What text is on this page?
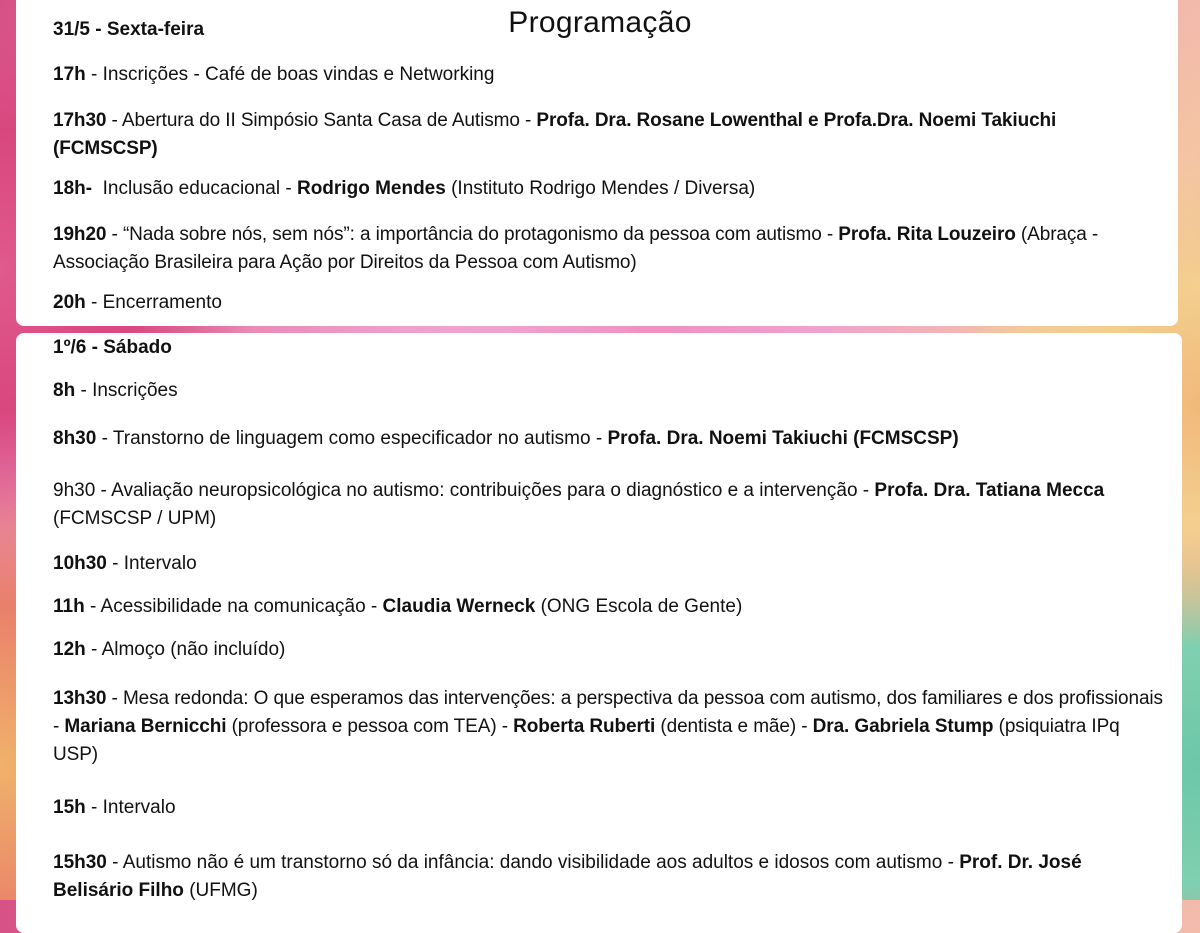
Programação
31/5 - Sexta-feira
17h - Inscrições - Café de boas vindas e Networking
17h30 - Abertura do II Simpósio Santa Casa de Autismo - Profa. Dra. Rosane Lowenthal e Profa.Dra. Noemi Takiuchi (FCMSCSP)
18h-  Inclusão educacional - Rodrigo Mendes (Instituto Rodrigo Mendes / Diversa)
19h20 - “Nada sobre nós, sem nós”: a importância do protagonismo da pessoa com autismo - Profa. Rita Louzeiro (Abraça - Associação Brasileira para Ação por Direitos da Pessoa com Autismo)
20h - Encerramento
1º/6 - Sábado
8h - Inscrições
8h30 - Transtorno de linguagem como especificador no autismo - Profa. Dra. Noemi Takiuchi (FCMSCSP)
9h30 - Avaliação neuropsicológica no autismo: contribuições para o diagnóstico e a intervenção - Profa. Dra. Tatiana Mecca (FCMSCSP / UPM)
10h30 - Intervalo
11h - Acessibilidade na comunicação - Claudia Werneck (ONG Escola de Gente)
12h - Almoço (não incluído)
13h30 - Mesa redonda: O que esperamos das intervenções: a perspectiva da pessoa com autismo, dos familiares e dos profissionais - Mariana Bernicchi (professora e pessoa com TEA) - Roberta Ruberti (dentista e mãe) - Dra. Gabriela Stump (psiquiatra IPq USP)
15h - Intervalo
15h30 - Autismo não é um transtorno só da infância: dando visibilidade aos adultos e idosos com autismo - Prof. Dr. José Belisário Filho (UFMG)
